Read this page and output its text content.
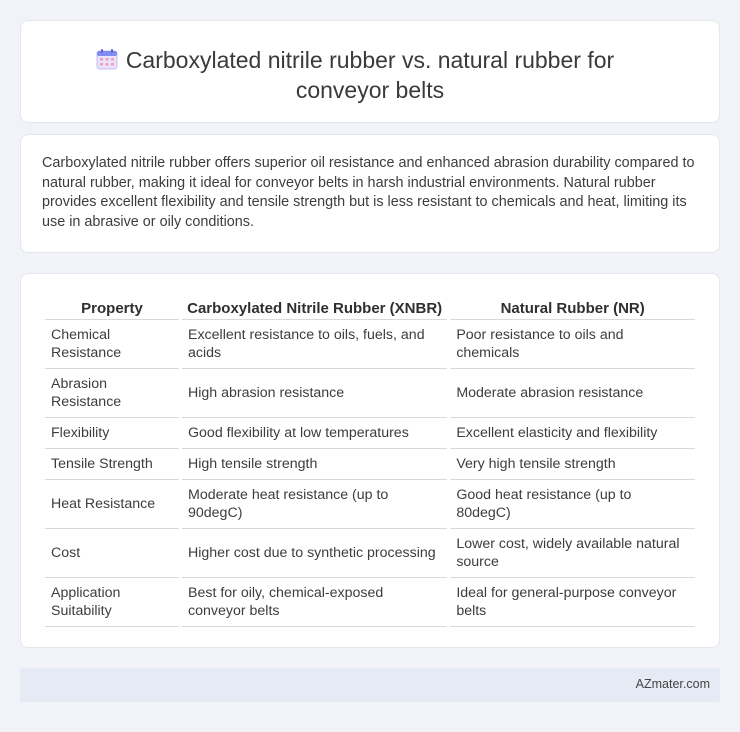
Carboxylated nitrile rubber vs. natural rubber for
conveyor belts

Carboxylated nitrile rubber offers superior oil resistance and enhanced abrasion durability compared to natural rubber, making it ideal for conveyor belts in harsh industrial environments. Natural rubber provides excellent flexibility and tensile strength but is less resistant to chemicals and heat, limiting its use in abrasive or oily conditions.

Property	Carboxylated Nitrile Rubber (XNBR)	Natural Rubber (NR)
Chemical Resistance	Excellent resistance to oils, fuels, and acids	Poor resistance to oils and chemicals
Abrasion Resistance	High abrasion resistance	Moderate abrasion resistance
Flexibility	Good flexibility at low temperatures	Excellent elasticity and flexibility
Tensile Strength	High tensile strength	Very high tensile strength
Heat Resistance	Moderate heat resistance (up to 90degC)	Good heat resistance (up to 80degC)
Cost	Higher cost due to synthetic processing	Lower cost, widely available natural source
Application Suitability	Best for oily, chemical-exposed conveyor belts	Ideal for general-purpose conveyor belts
AZmater.com
